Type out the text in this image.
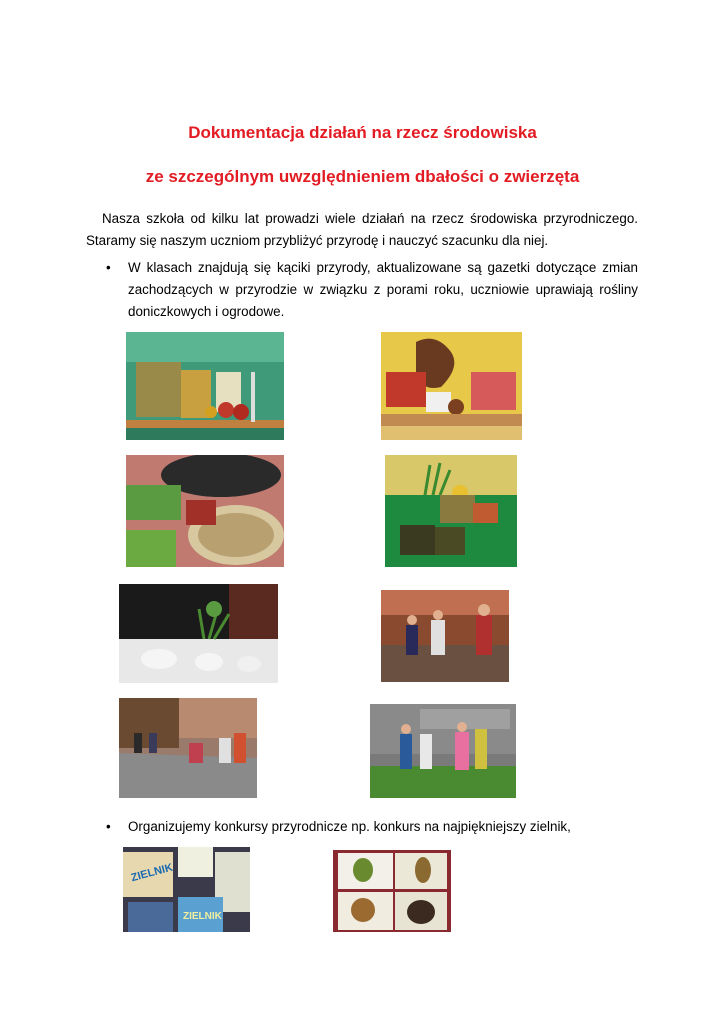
Dokumentacja działań na rzecz środowiska
ze szczególnym uwzględnieniem dbałości o zwierzęta
Nasza szkoła od kilku lat prowadzi wiele działań na rzecz środowiska przyrodniczego. Staramy się naszym uczniom przybliżyć przyrodę i nauczyć szacunku dla niej.
• W klasach znajdują się kąciki przyrody, aktualizowane są gazetki dotyczące zmian zachodzących w przyrodzie w związku z porami roku, uczniowie uprawiają rośliny doniczkowych i ogrodowe.
• Organizujemy konkursy przyrodnicze np. konkurs na najpiękniejszy zielnik,
ZIELNIK
ZIELNIK
